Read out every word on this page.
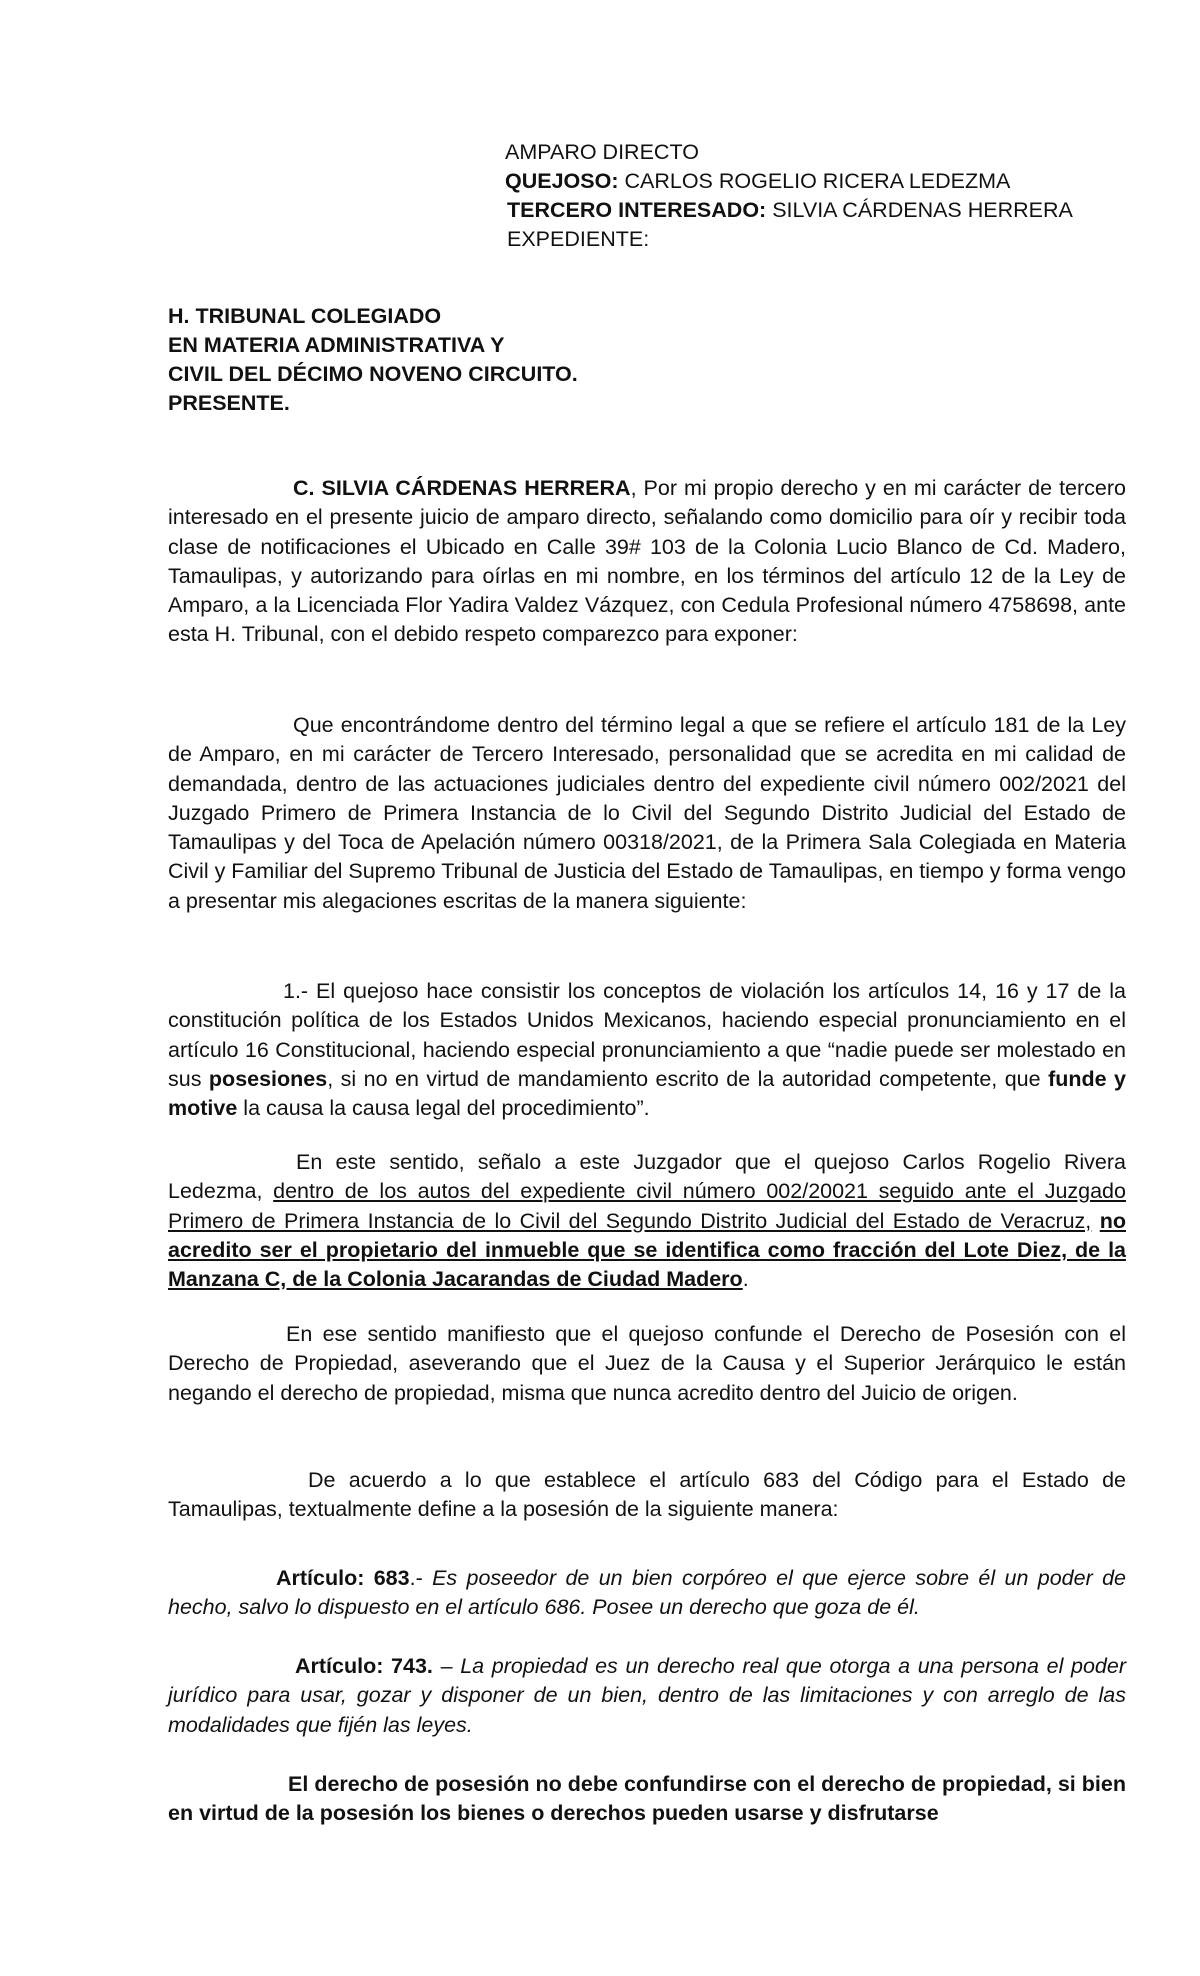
AMPARO DIRECTO
QUEJOSO: CARLOS ROGELIO RICERA LEDEZMA
TERCERO INTERESADO: SILVIA CÁRDENAS HERRERA
EXPEDIENTE:
H. TRIBUNAL COLEGIADO
EN MATERIA ADMINISTRATIVA Y
CIVIL DEL DÉCIMO NOVENO CIRCUITO.
PRESENTE.

C. SILVIA CÁRDENAS HERRERA, Por mi propio derecho y en mi carácter de tercero interesado en el presente juicio de amparo directo, señalando como domicilio para oír y recibir toda clase de notificaciones el Ubicado en Calle 39# 103 de la Colonia Lucio Blanco de Cd. Madero, Tamaulipas, y autorizando para oírlas en mi nombre, en los términos del artículo 12 de la Ley de Amparo, a la Licenciada Flor Yadira Valdez Vázquez, con Cedula Profesional número 4758698, ante esta H. Tribunal, con el debido respeto comparezco para exponer:

Que encontrándome dentro del término legal a que se refiere el artículo 181 de la Ley de Amparo, en mi carácter de Tercero Interesado, personalidad que se acredita en mi calidad de demandada, dentro de las actuaciones judiciales dentro del expediente civil número 002/2021 del Juzgado Primero de Primera Instancia de lo Civil del Segundo Distrito Judicial del Estado de Tamaulipas y del Toca de Apelación número 00318/2021, de la Primera Sala Colegiada en Materia Civil y Familiar del Supremo Tribunal de Justicia del Estado de Tamaulipas, en tiempo y forma vengo a presentar mis alegaciones escritas de la manera siguiente:

1.- El quejoso hace consistir los conceptos de violación los artículos 14, 16 y 17 de la constitución política de los Estados Unidos Mexicanos, haciendo especial pronunciamiento en el artículo 16 Constitucional, haciendo especial pronunciamiento a que “nadie puede ser molestado en sus posesiones, si no en virtud de mandamiento escrito de la autoridad competente, que funde y motive la causa la causa legal del procedimiento”.

En este sentido, señalo a este Juzgador que el quejoso Carlos Rogelio Rivera Ledezma, dentro de los autos del expediente civil número 002/20021 seguido ante el Juzgado Primero de Primera Instancia de lo Civil del Segundo Distrito Judicial del Estado de Veracruz, no acredito ser el propietario del inmueble que se identifica como fracción del Lote Diez, de la Manzana C, de la Colonia Jacarandas de Ciudad Madero.

En ese sentido manifiesto que el quejoso confunde el Derecho de Posesión con el Derecho de Propiedad, aseverando que el Juez de la Causa y el Superior Jerárquico le están negando el derecho de propiedad, misma que nunca acredito dentro del Juicio de origen.

De acuerdo a lo que establece el artículo 683 del Código para el Estado de Tamaulipas, textualmente define a la posesión de la siguiente manera:

Artículo: 683.- Es poseedor de un bien corpóreo el que ejerce sobre él un poder de hecho, salvo lo dispuesto en el artículo 686. Posee un derecho que goza de él.

Artículo: 743. – La propiedad es un derecho real que otorga a una persona el poder jurídico para usar, gozar y disponer de un bien, dentro de las limitaciones y con arreglo de las modalidades que fijén las leyes.

El derecho de posesión no debe confundirse con el derecho de propiedad, si bien en virtud de la posesión los bienes o derechos pueden usarse y disfrutarse
